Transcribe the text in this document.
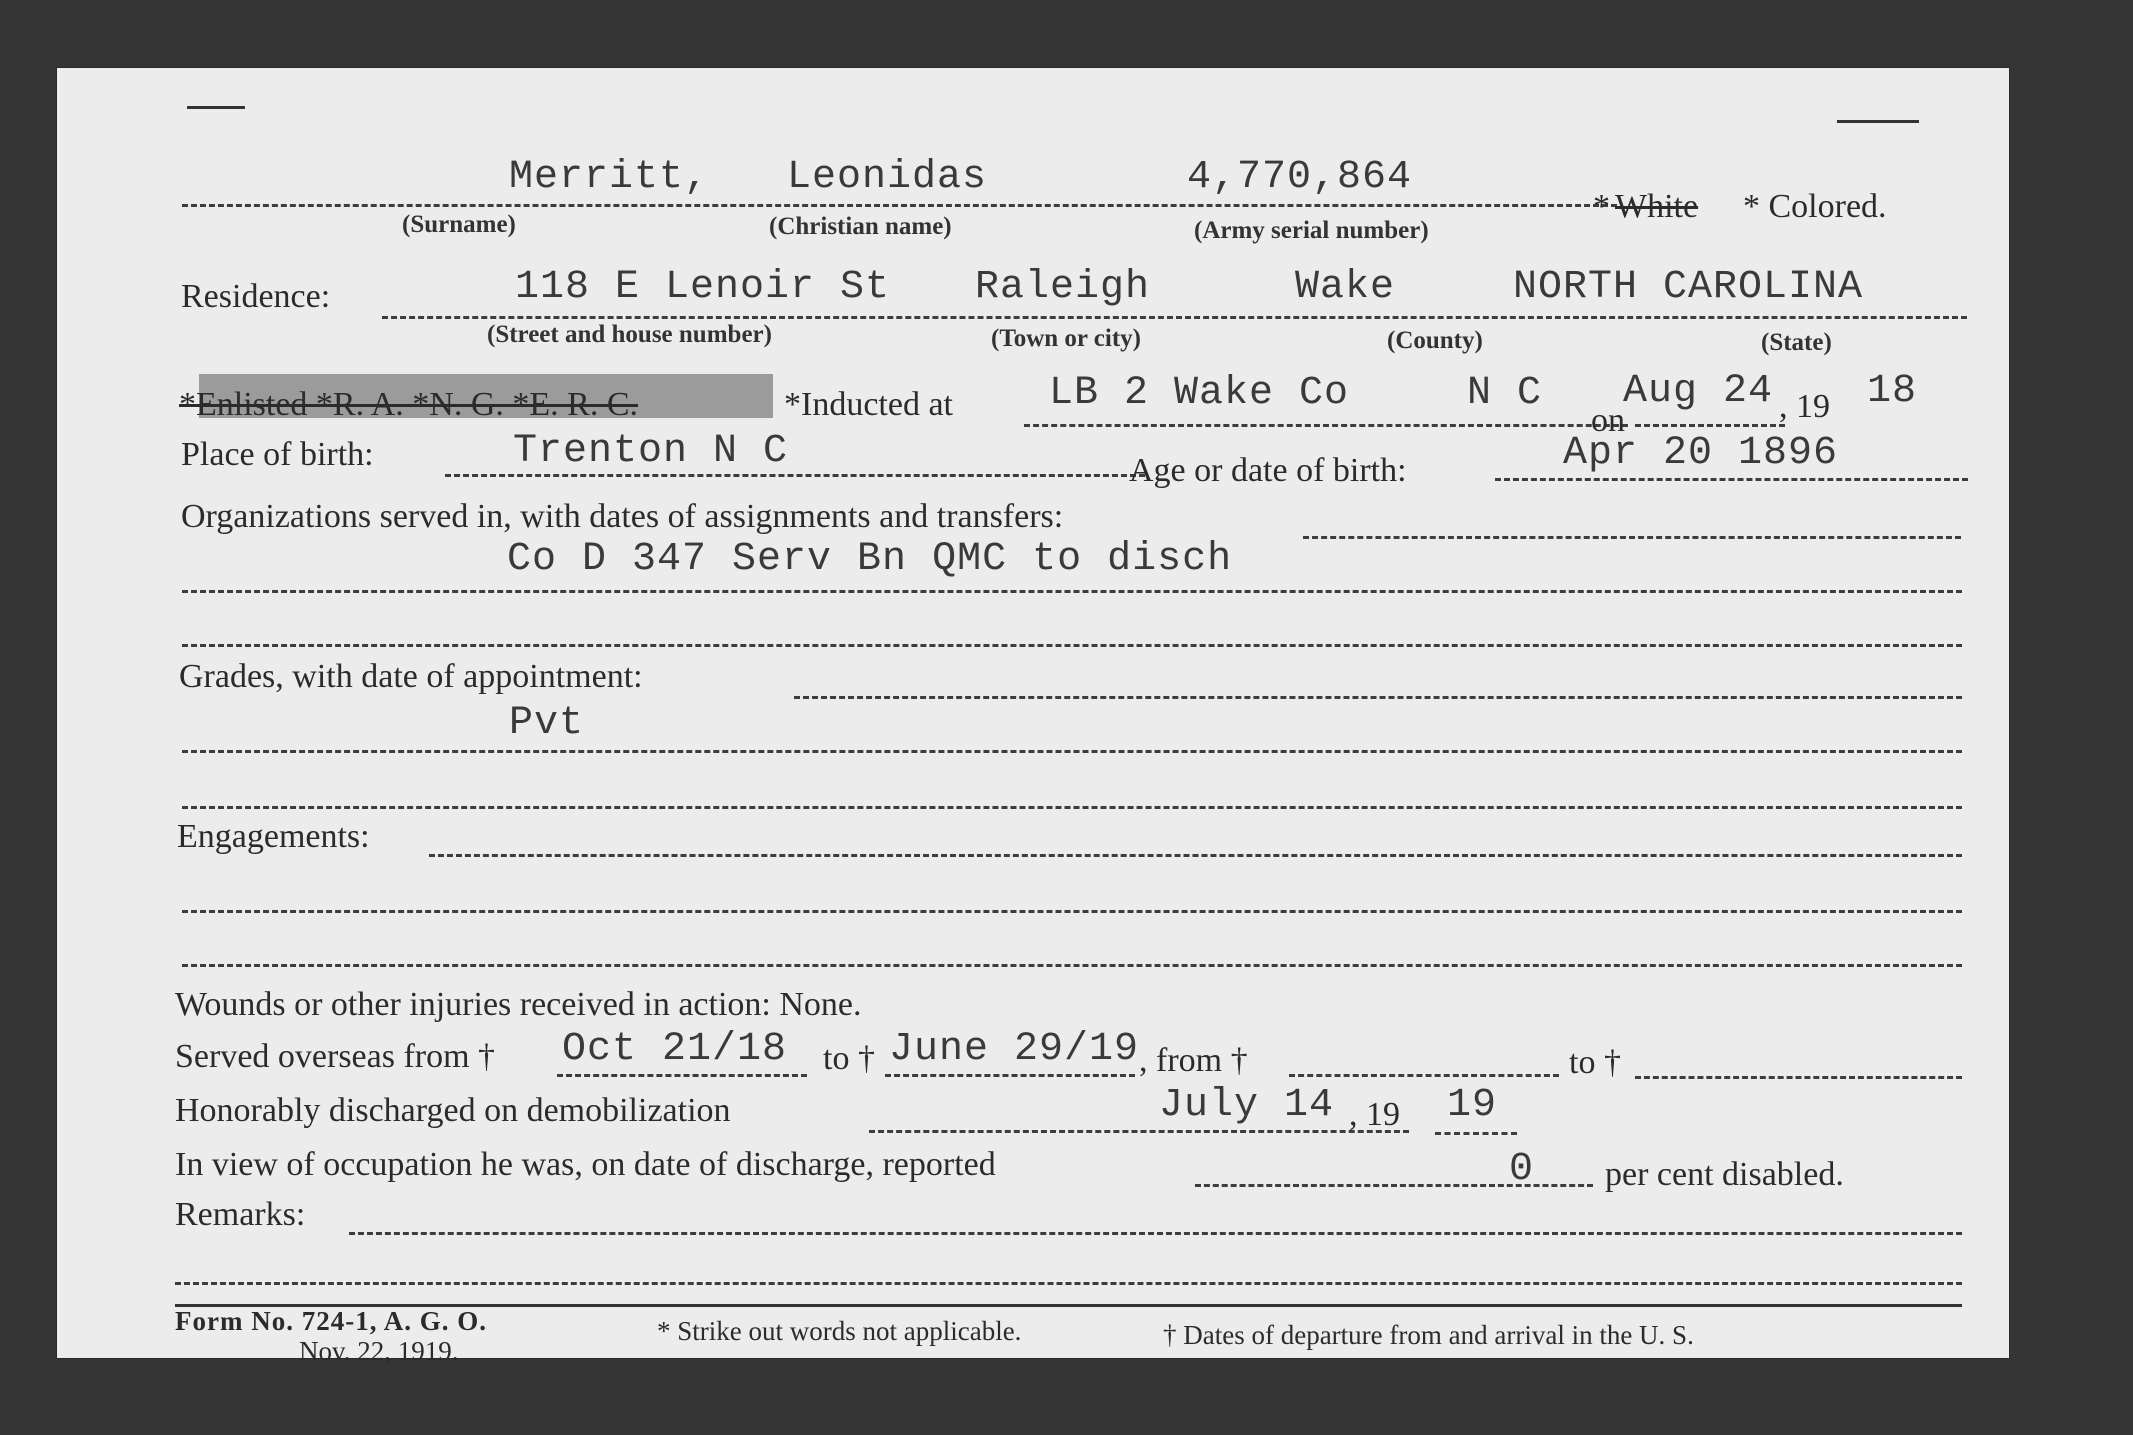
Merritt, Leonidas	4,770,864
* White * Colored.
(Surname)	(Christian name)	(Army serial number)
Residence:	118 E Lenoir St Raleigh	Wake	NORTH CAROLINA
(Street and house number)	(Town or city)	(County)	(State)
*Enlisted *R. A. *N. G. *E. R. C.	*Inducted at LB 2 Wake Co	N C
on
Aug 24 , 19 18
Place of birth:	Trenton N C	Age or date of birth:	Apr 20 1896
Organizations served in, with dates of assignments and transfers:
Co D 347 Serv Bn QMC to disch
Grades, with date of appointment:
Pvt
Engagements:
Wounds or other injuries received in action: None.
Served overseas from † Oct 21/18 to † June 29/19 , from †	to †
Honorably discharged on demobilization	July 14 , 19 19
In view of occupation he was, on date of discharge, reported	0 per cent disabled.
Remarks:
Form No. 724-1, A. G. O.
Nov. 22, 1919.
* Strike out words not applicable.	† Dates of departure from and arrival in the U. S.
